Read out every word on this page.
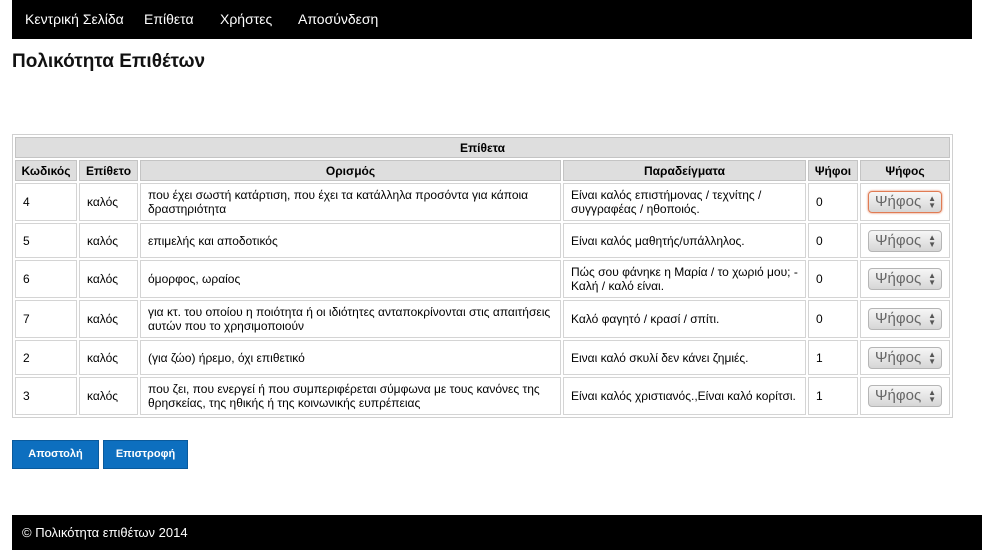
Κεντρική Σελίδα Επίθετα Χρήστες Αποσύνδεση
Πολικότητα Επιθέτων
Επίθετα					
Κωδικός	Επίθετο	Ορισμός	Παραδείγματα	Ψήφοι	Ψήφος
4	καλός	που έχει σωστή κατάρτιση, που έχει τα κατάλληλα προσόντα για κάποια δραστηριότητα	Είναι καλός επιστήμονας / τεχνίτης / συγγραφέας / ηθοποιός.	0	Ψήφος ▲
▼

5	καλός	επιμελής και αποδοτικός	Είναι καλός μαθητής/υπάλληλος.	0	Ψήφος ▲
▼

6	καλός	όμορφος, ωραίος	Πώς σου φάνηκε η Μαρία / το χωριό μου; - Καλή / καλό είναι.	0	Ψήφος ▲
▼

7	καλός	για κτ. του οποίου η ποιότητα ή οι ιδιότητες ανταποκρίνονται στις απαιτήσεις αυτών που το χρησιμοποιούν	Καλό φαγητό / κρασί / σπίτι.	0	Ψήφος ▲
▼

2	καλός	(για ζώο) ήρεμο, όχι επιθετικό	Ειναι καλό σκυλί δεν κάνει ζημιές.	1	Ψήφος ▲
▼

3	καλός	που ζει, που ενεργεί ή που συμπεριφέρεται σύμφωνα με τους κανόνες της θρησκείας, της ηθικής ή της κοινωνικής ευπρέπειας	Είναι καλός χριστιανός.,Είναι καλό κορίτσι.	1	Ψήφος ▲
▼
Αποστολή	Επιστροφή
© Πολικότητα επιθέτων 2014
